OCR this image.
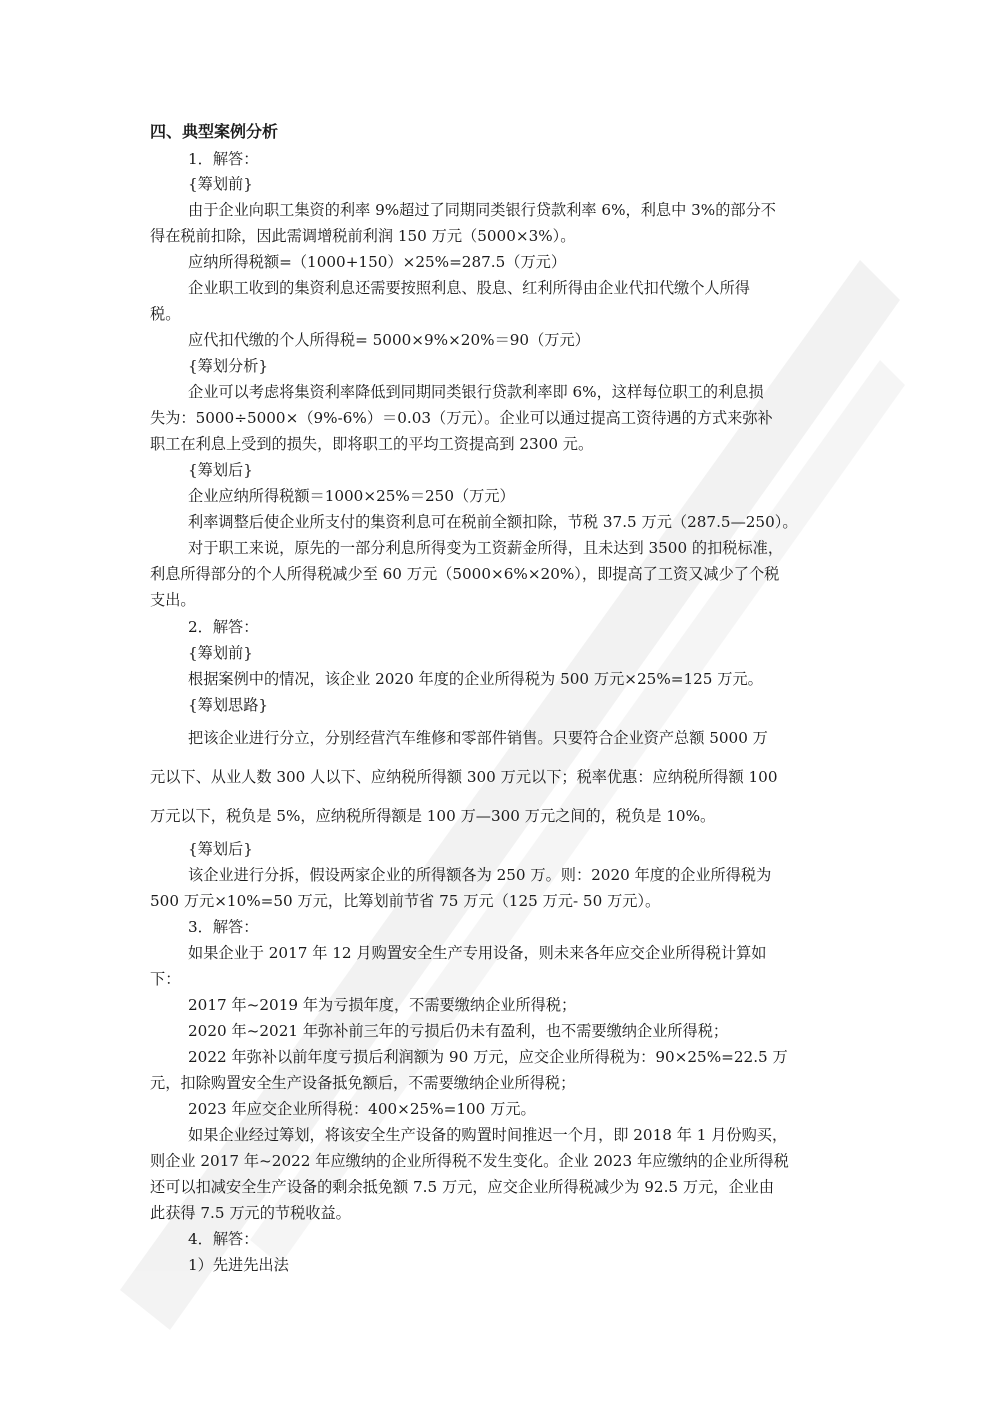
四、典型案例分析
1．解答：
{筹划前}
由于企业向职工集资的利率 9%超过了同期同类银行贷款利率 6%，利息中 3%的部分不
得在税前扣除，因此需调增税前利润 150 万元（5000×3%）。
应纳所得税额=（1000+150）×25%=287.5（万元）
企业职工收到的集资利息还需要按照利息、股息、红利所得由企业代扣代缴个人所得
税。
应代扣代缴的个人所得税= 5000×9%×20%＝90（万元）
{筹划分析}
企业可以考虑将集资利率降低到同期同类银行贷款利率即 6%，这样每位职工的利息损
失为：5000÷5000×（9%-6%）＝0.03（万元）。企业可以通过提高工资待遇的方式来弥补
职工在利息上受到的损失，即将职工的平均工资提高到 2300 元。
{筹划后}
企业应纳所得税额＝1000×25%＝250（万元）
利率调整后使企业所支付的集资利息可在税前全额扣除，节税 37.5 万元（287.5—250）。
对于职工来说，原先的一部分利息所得变为工资薪金所得，且未达到 3500 的扣税标准，
利息所得部分的个人所得税减少至 60 万元（5000×6%×20%），即提高了工资又减少了个税
支出。
2．解答：
{筹划前}
根据案例中的情况，该企业 2020 年度的企业所得税为 500 万元×25%=125 万元。
{筹划思路}
把该企业进行分立，分别经营汽车维修和零部件销售。只要符合企业资产总额 5000 万
元以下、从业人数 300 人以下、应纳税所得额 300 万元以下；税率优惠：应纳税所得额 100
万元以下，税负是 5%，应纳税所得额是 100 万—300 万元之间的，税负是 10%。
{筹划后}
该企业进行分拆，假设两家企业的所得额各为 250 万。则：2020 年度的企业所得税为
500 万元×10%=50 万元，比筹划前节省 75 万元（125 万元- 50 万元）。
3．解答：
如果企业于 2017 年 12 月购置安全生产专用设备，则未来各年应交企业所得税计算如
下：
2017 年~2019 年为亏损年度，不需要缴纳企业所得税；
2020 年~2021 年弥补前三年的亏损后仍未有盈利，也不需要缴纳企业所得税；
2022 年弥补以前年度亏损后利润额为 90 万元，应交企业所得税为：90×25%=22.5 万
元，扣除购置安全生产设备抵免额后，不需要缴纳企业所得税；
2023 年应交企业所得税：400×25%=100 万元。
如果企业经过筹划，将该安全生产设备的购置时间推迟一个月，即 2018 年 1 月份购买，
则企业 2017 年~2022 年应缴纳的企业所得税不发生变化。企业 2023 年应缴纳的企业所得税
还可以扣减安全生产设备的剩余抵免额 7.5 万元，应交企业所得税减少为 92.5 万元，企业由
此获得 7.5 万元的节税收益。
4．解答：
1）先进先出法
